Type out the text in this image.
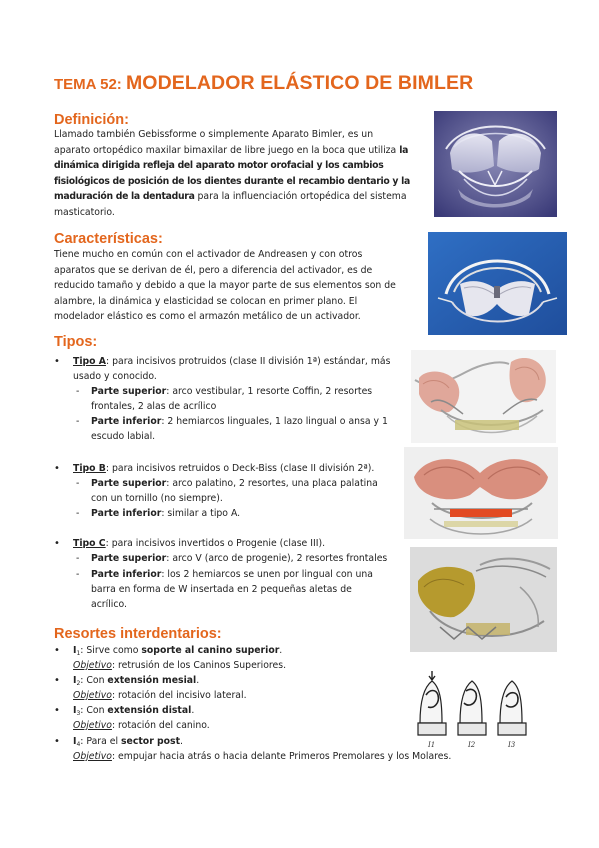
TEMA 52: MODELADOR ELÁSTICO DE BIMLER
Definición:
Llamado también Gebissforme o simplemente Aparato Bimler, es un
aparato ortopédico maxilar bimaxilar de libre juego en la boca que utiliza la
dinámica dirigida refleja del aparato motor orofacial y los cambios
fisiológicos de posición de los dientes durante el recambio dentario y la
maduración de la dentadura para la influenciación ortopédica del sistema
masticatorio.
Características:
Tiene mucho en común con el activador de Andreasen y con otros
aparatos que se derivan de él, pero a diferencia del activador, es de
reducido tamaño y debido a que la mayor parte de sus elementos son de
alambre, la dinámica y elasticidad se colocan en primer plano. El
modelador elástico es como el armazón metálico de un activador.
Tipos:
• Tipo A: para incisivos protruidos (clase II división 1ª) estándar, más
usado y conocido.
- Parte superior: arco vestibular, 1 resorte Coffin, 2 resortes
frontales, 2 alas de acrílico
- Parte inferior: 2 hemiarcos linguales, 1 lazo lingual o ansa y 1
escudo labial.
• Tipo B: para incisivos retruidos o Deck-Biss (clase II división 2ª).
- Parte superior: arco palatino, 2 resortes, una placa palatina
con un tornillo (no siempre).
- Parte inferior: similar a tipo A.
• Tipo C: para incisivos invertidos o Progenie (clase III).
- Parte superior: arco V (arco de progenie), 2 resortes frontales
- Parte inferior: los 2 hemiarcos se unen por lingual con una
barra en forma de W insertada en 2 pequeñas aletas de
acrílico.
Resortes interdentarios:
• $I_1$: Sirve como soporte al canino superior.
Objetivo: retrusión de los Caninos Superiores.
• $I_2$: Con extensión mesial.
Objetivo: rotación del incisivo lateral.
• $I_3$: Con extensión distal.
Objetivo: rotación del canino.
• $I_4$: Para el sector post.
Objetivo: empujar hacia atrás o hacia delante Primeros Premolares y los Molares.
I1	I2	I3
